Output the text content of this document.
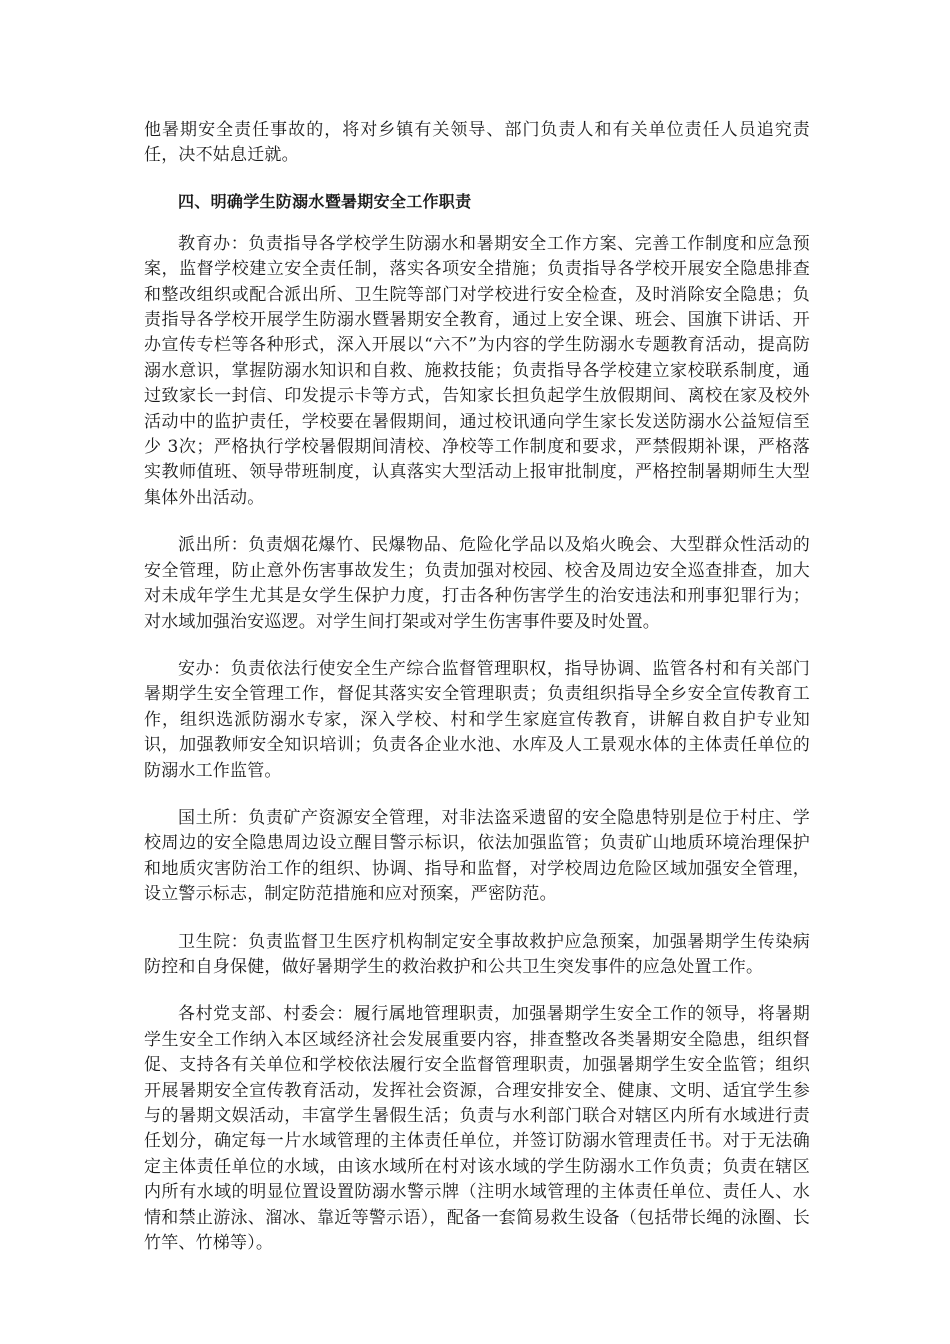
他暑期安全责任事故的，将对乡镇有关领导、部门负责人和有关单位责任人员追究责任，决不姑息迁就。

四、明确学生防溺水暨暑期安全工作职责

教育办：负责指导各学校学生防溺水和暑期安全工作方案、完善工作制度和应急预案，监督学校建立安全责任制，落实各项安全措施；负责指导各学校开展安全隐患排查和整改组织或配合派出所、卫生院等部门对学校进行安全检查，及时消除安全隐患；负责指导各学校开展学生防溺水暨暑期安全教育，通过上安全课、班会、国旗下讲话、开办宣传专栏等各种形式，深入开展以“六不”为内容的学生防溺水专题教育活动，提高防溺水意识，掌握防溺水知识和自救、施救技能；负责指导各学校建立家校联系制度，通过致家长一封信、印发提示卡等方式，告知家长担负起学生放假期间、离校在家及校外活动中的监护责任，学校要在暑假期间，通过校讯通向学生家长发送防溺水公益短信至少 3次；严格执行学校暑假期间清校、净校等工作制度和要求，严禁假期补课，严格落实教师值班、领导带班制度，认真落实大型活动上报审批制度，严格控制暑期师生大型集体外出活动。

派出所：负责烟花爆竹、民爆物品、危险化学品以及焰火晚会、大型群众性活动的安全管理，防止意外伤害事故发生；负责加强对校园、校舍及周边安全巡查排查，加大对未成年学生尤其是女学生保护力度，打击各种伤害学生的治安违法和刑事犯罪行为；对水域加强治安巡逻。对学生间打架或对学生伤害事件要及时处置。

安办：负责依法行使安全生产综合监督管理职权，指导协调、监管各村和有关部门暑期学生安全管理工作，督促其落实安全管理职责；负责组织指导全乡安全宣传教育工作，组织选派防溺水专家，深入学校、村和学生家庭宣传教育，讲解自救自护专业知识，加强教师安全知识培训；负责各企业水池、水库及人工景观水体的主体责任单位的防溺水工作监管。

国土所：负责矿产资源安全管理，对非法盗采遗留的安全隐患特别是位于村庄、学校周边的安全隐患周边设立醒目警示标识，依法加强监管；负责矿山地质环境治理保护和地质灾害防治工作的组织、协调、指导和监督，对学校周边危险区域加强安全管理，设立警示标志，制定防范措施和应对预案，严密防范。

卫生院：负责监督卫生医疗机构制定安全事故救护应急预案，加强暑期学生传染病防控和自身保健，做好暑期学生的救治救护和公共卫生突发事件的应急处置工作。

各村党支部、村委会：履行属地管理职责，加强暑期学生安全工作的领导，将暑期学生安全工作纳入本区域经济社会发展重要内容，排查整改各类暑期安全隐患，组织督促、支持各有关单位和学校依法履行安全监督管理职责，加强暑期学生安全监管；组织开展暑期安全宣传教育活动，发挥社会资源，合理安排安全、健康、文明、适宜学生参与的暑期文娱活动，丰富学生暑假生活；负责与水利部门联合对辖区内所有水域进行责任划分，确定每一片水域管理的主体责任单位，并签订防溺水管理责任书。对于无法确定主体责任单位的水域，由该水域所在村对该水域的学生防溺水工作负责；负责在辖区内所有水域的明显位置设置防溺水警示牌（注明水域管理的主体责任单位、责任人、水情和禁止游泳、溜冰、靠近等警示语），配备一套简易救生设备（包括带长绳的泳圈、长竹竿、竹梯等）。
